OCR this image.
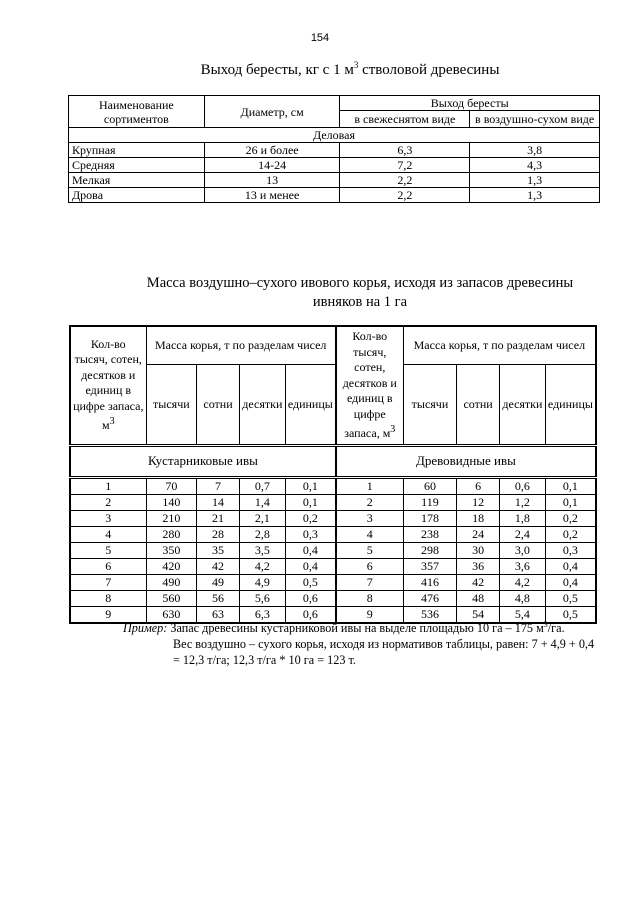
154
Выход бересты, кг с 1 $м^3$ стволовой древесины
Наименование сортиментов	Диаметр, см	Выход бересты	
		в свежеснятом виде	в воздушно-сухом виде
Деловая			
Крупная	26 и более	6,3	3,8
Средняя	14-24	7,2	4,3
Мелкая	13	2,2	1,3
Дрова	13 и менее	2,2	1,3
Масса воздушно–сухого ивового корья, исходя из запасов древесины
ивняков на 1 га
Кол-во тысяч, сотен, десятков и единиц в цифре запаса, $м^3$	Масса корья, т по разделам чисел				Кол-во тысяч, сотен, десятков и единиц в цифре запаса, $м^3$	Масса корья, т по разделам чисел			
	тысячи	сотни	десятки	единицы		тысячи	сотни	десятки	единицы
Кустарниковые ивы					Древовидные ивы				
1	70	7	0,7	0,1	1	60	6	0,6	0,1
2	140	14	1,4	0,1	2	119	12	1,2	0,1
3	210	21	2,1	0,2	3	178	18	1,8	0,2
4	280	28	2,8	0,3	4	238	24	2,4	0,2
5	350	35	3,5	0,4	5	298	30	3,0	0,3
6	420	42	4,2	0,4	6	357	36	3,6	0,4
7	490	49	4,9	0,5	7	416	42	4,2	0,4
8	560	56	5,6	0,6	8	476	48	4,8	0,5
9	630	63	6,3	0,6	9	536	54	5,4	0,5
Пример: Запас древесины кустарниковой ивы на выделе площадью 10 га – 175 $м^3/га$.
Вес воздушно – сухого корья, исходя из нормативов таблицы, равен: 7 + 4,9 + 0,4 = 12,3 т/га; 12,3 т/га * 10 га = 123 т.
